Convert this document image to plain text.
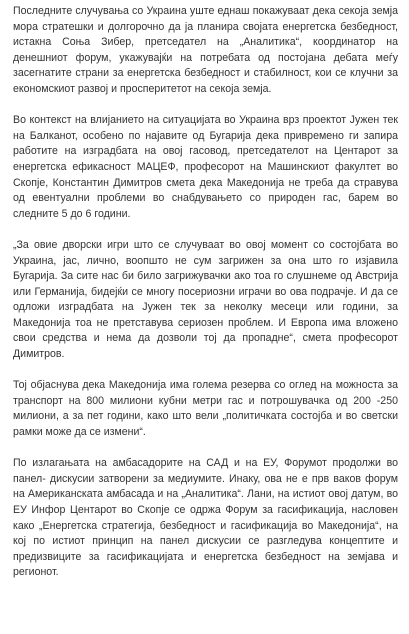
Последните случувања со Украина уште еднаш покажуваат дека секоја земја мора стратешки и долгорочно да ја планира својата енергетска безбедност, истакна Соња Зибер, претседател на „Аналитика“, координатор на денешниот форум, укажувајќи на потребата од постојана дебата меѓу засегнатите страни за енергетска безбедност и стабилност, кои се клучни за економскиот развој и просперитетот на секоја земја.

Во контекст на влијанието на ситуацијата во Украина врз проектот Јужен тек на Балканот, особено по најавите од Бугарија дека привремено ги запира работите на изградбата на овој гасовод, претседателот на Центарот за енергетска ефикасност МАЦЕФ, професорот на Машинскиот факултет во Скопје, Константин Димитров смета дека Македонија не треба да стравува од евентуални проблеми во снабдувањето со природен гас, барем во следните 5 до 6 години.

„За овие дворски игри што се случуваат во овој момент со состојбата во Украина, јас, лично, воопшто не сум загрижен за она што го изјавила Бугарија. За сите нас би било загрижувачки ако тоа го слушнеме од Австрија или Германија, бидејќи се многу посериозни играчи во ова подрачје. И да се одложи изградбата на Јужен тек за неколку месеци или години, за Македонија тоа не претставува сериозен проблем. И Европа има вложено свои средства и нема да дозволи тој да пропадне“, смета професорот Димитров.

Тој објаснува дека Македонија има голема резерва со оглед на можноста за транспорт на 800 милиони кубни метри гас и потрошувачка од 200 -250 милиони, а за пет години, како што вели „политичката состојба и во светски рамки може да се измени“.

По излагањата на амбасадорите на САД и на ЕУ, Форумот продолжи во панел- дискусии затворени за медиумите. Инаку, ова не е прв ваков форум на Американската амбасада и на „Аналитика“. Лани, на истиот овој датум, во ЕУ Инфор Центарот во Скопје се одржа Форум за гасификација, насловен како „Енергетска стратегија, безбедност и гасификација во Македонија“, на кој по истиот принцип на панел дискусии се разгледува концептите и предизвиците за гасификацијата и енергетска безбедност на земјава и регионот.
